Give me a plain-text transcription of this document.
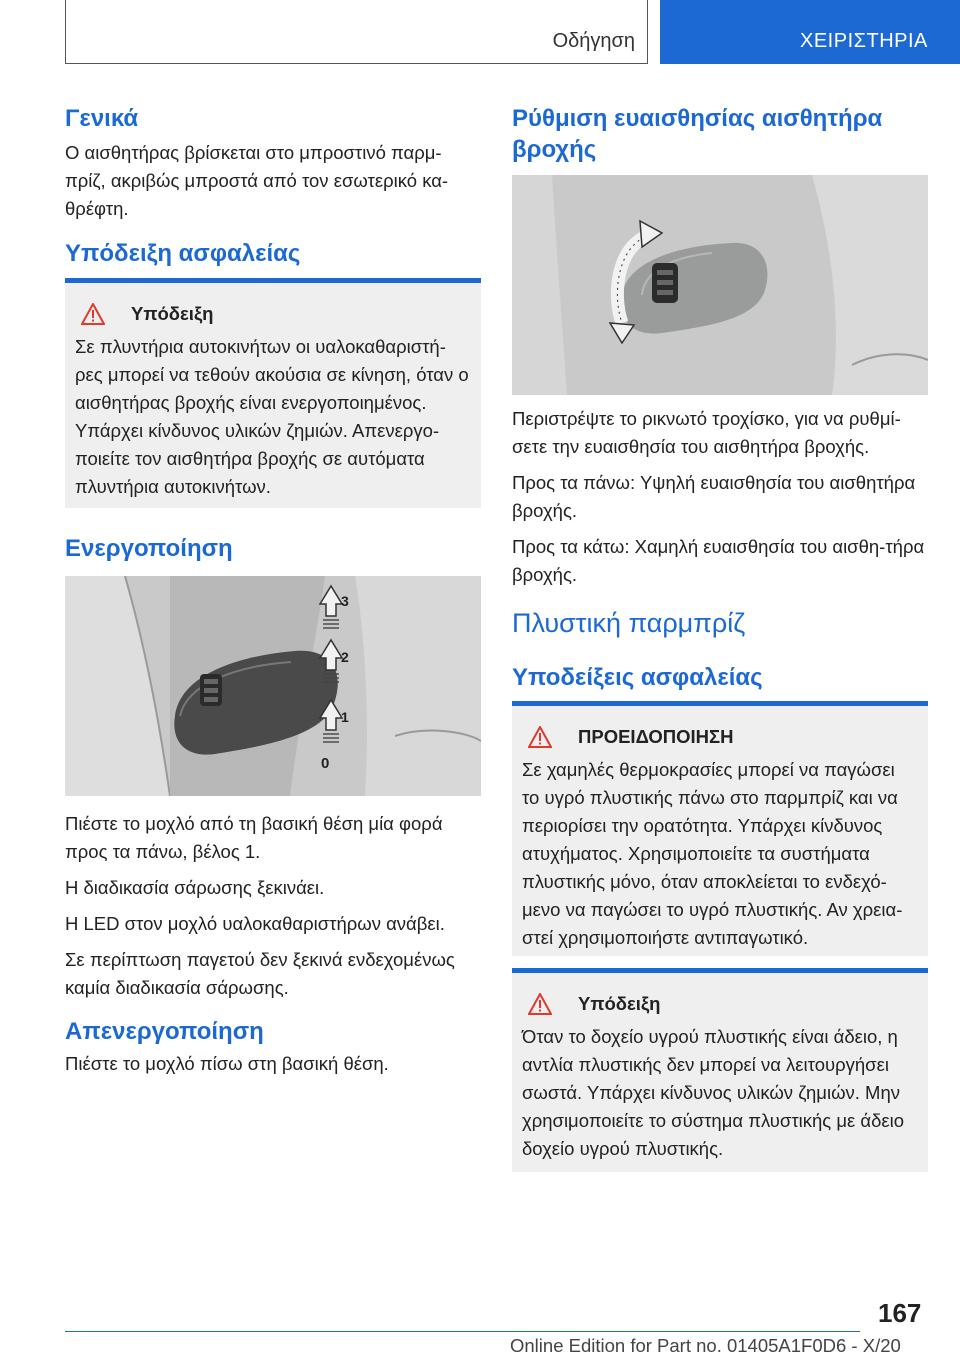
Οδήγηση	ΧΕΙΡΙΣΤΗΡΙΑ
Γενικά

Ο αισθητήρας βρίσκεται στο μπροστινό παρμ-πρίζ, ακριβώς μπροστά από τον εσωτερικό κα-θρέφτη.

Υπόδειξη ασφαλείας
Υπόδειξη

Σε πλυντήρια αυτοκινήτων οι υαλοκαθαριστή-ρες μπορεί να τεθούν ακούσια σε κίνηση, όταν ο αισθητήρας βροχής είναι ενεργοποιημένος. Υπάρχει κίνδυνος υλικών ζημιών. Απενεργο-ποιείτε τον αισθητήρα βροχής σε αυτόματα πλυντήρια αυτοκινήτων.

Ενεργοποίηση
3
2
1
0

Πιέστε το μοχλό από τη βασική θέση μία φορά προς τα πάνω, βέλος 1.

Η διαδικασία σάρωσης ξεκινάει.

Η LED στον μοχλό υαλοκαθαριστήρων ανάβει.

Σε περίπτωση παγετού δεν ξεκινά ενδεχομένως καμία διαδικασία σάρωσης.

Απενεργοποίηση

Πιέστε το μοχλό πίσω στη βασική θέση.

Ρύθμιση ευαισθησίας αισθητήρα βροχής

Περιστρέψτε το ρικνωτό τροχίσκο, για να ρυθμί-σετε την ευαισθησία του αισθητήρα βροχής.

Προς τα πάνω: Υψηλή ευαισθησία του αισθητήρα βροχής.

Προς τα κάτω: Χαμηλή ευαισθησία του αισθη-τήρα βροχής.

Πλυστική παρμπρίζ
Υποδείξεις ασφαλείας
ΠΡΟΕΙΔΟΠΟΙΗΣΗ

Σε χαμηλές θερμοκρασίες μπορεί να παγώσει το υγρό πλυστικής πάνω στο παρμπρίζ και να περιορίσει την ορατότητα. Υπάρχει κίνδυνος ατυχήματος. Χρησιμοποιείτε τα συστήματα πλυστικής μόνο, όταν αποκλείεται το ενδεχό-μενο να παγώσει το υγρό πλυστικής. Αν χρεια-στεί χρησιμοποιήστε αντιπαγωτικό.

Υπόδειξη

Όταν το δοχείο υγρού πλυστικής είναι άδειο, η αντλία πλυστικής δεν μπορεί να λειτουργήσει σωστά. Υπάρχει κίνδυνος υλικών ζημιών. Μην χρησιμοποιείτε το σύστημα πλυστικής με άδειο δοχείο υγρού πλυστικής.

167
Online Edition for Part no. 01405A1F0D6 - X/20
